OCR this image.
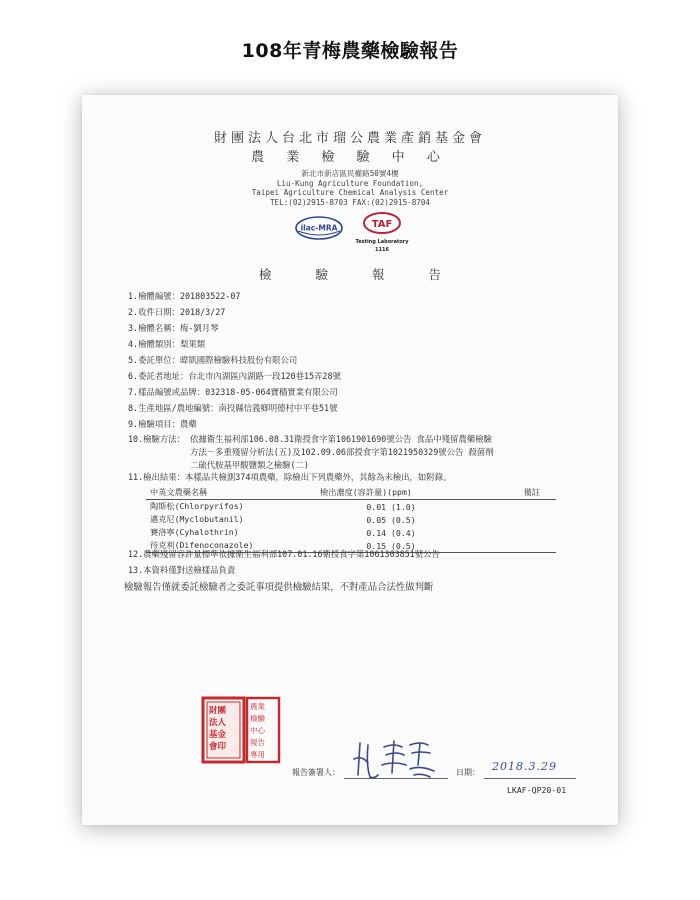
108年青梅農藥檢驗報告
財團法人台北市瑠公農業產銷基金會
農 業 檢 驗 中 心
新北市新店區民權路50號4樓
Liu-Kung Agriculture Foundation,
Taipei Agriculture Chemical Analysis Center
TEL:(02)2915-8703 FAX:(02)2915-8704
ilac-MRA	TAF
Testing Laboratory
1116
檢 驗 報 告
1.檢體編號：201803522-07
2.收件日期：2018/3/27
3.檢體名稱：梅-劉月琴
4.檢體類別：梨果類
5.委託單位：暐凱國際檢驗科技股份有限公司
6.委託者地址：台北市內湖區內湖路一段120巷15弄28號
7.樣品編號或品牌：032318-05-064寶穡實業有限公司
8.生產地區/農地編號：南投縣信義鄉明德村中平巷51號
9.檢驗項目：農藥
10.檢驗方法： 依據衛生福利部106.08.31衛授食字第1061901690號公告 食品中殘留農藥檢驗
方法－多重殘留分析法(五)及102.09.06部授食字第1021950329號公告 殺菌劑
二硫代胺基甲酸鹽類之檢驗(二)
11.檢出結果：本樣品共檢測374項農藥，除檢出下列農藥外，其餘為未檢出，如附錄。
中英文農藥名稱	檢出濃度(容許量)(ppm)	備註
陶斯松(Chlorpyrifos)	0.01 (1.0)	
邁克尼(Myclobutanil)	0.05 (0.5)	
賽洛寧(Cyhalothrin)	0.14 (0.4)	
待克利(Difenoconazole)	0.15 (0.5)	
12.農藥殘留容許量標準依據衛生福利部107.01.16衛授食字第1061303851號公告
13.本資料僅對送檢樣品負責
檢驗報告僅就委託檢驗者之委託事項提供檢驗結果，不對產品合法性做判斷
財團
法人
基金
會印
農業
檢驗
中心
報告
專用
報告簽署人：	日期： 2018.3.29
LKAF-QP20-01
